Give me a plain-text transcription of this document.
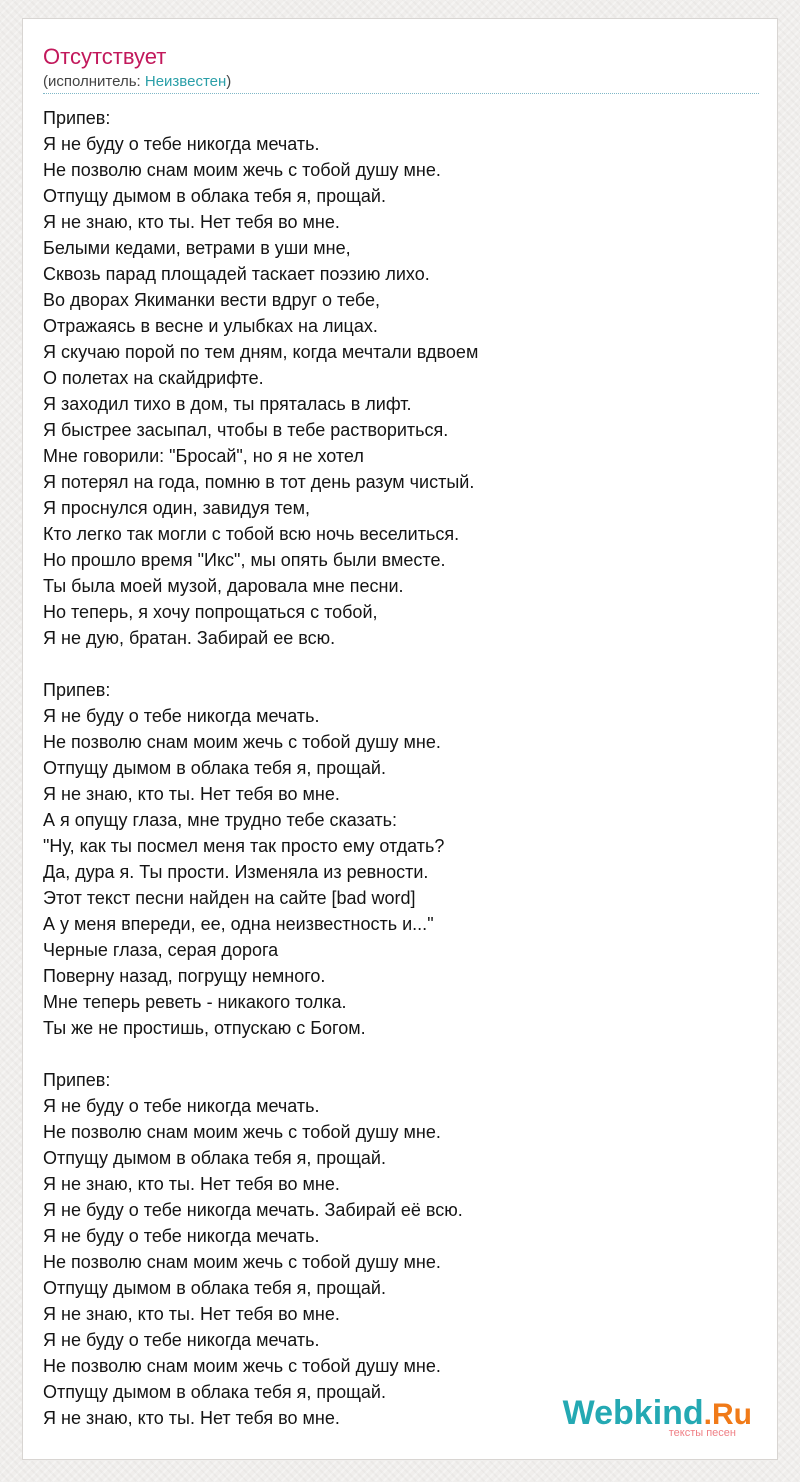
Отсутствует
(исполнитель: Неизвестен)
Припев:
Я не буду о тебе никогда мечать.
Не позволю снам моим жечь с тобой душу мне.
Отпущу дымом в облака тебя я, прощай.
Я не знаю, кто ты. Нет тебя во мне.
Белыми кедами, ветрами в уши мне,
Сквозь парад площадей таскает поэзию лихо.
Во дворах Якиманки вести вдруг о тебе,
Отражаясь в весне и улыбках на лицах.
Я скучаю порой по тем дням, когда мечтали вдвоем
О полетах на скайдрифте.
Я заходил тихо в дом, ты пряталась в лифт.
Я быстрее засыпал, чтобы в тебе раствориться.
Мне говорили: "Бросай", но я не хотел
Я потерял на года, помню в тот день разум чистый.
Я проснулся один, завидуя тем,
Кто легко так могли с тобой всю ночь веселиться.
Но прошло время "Икс", мы опять были вместе.
Ты была моей музой, даровала мне песни.
Но теперь, я хочу попрощаться с тобой,
Я не дую, братан. Забирай ее всю.
Припев:
Я не буду о тебе никогда мечать.
Не позволю снам моим жечь с тобой душу мне.
Отпущу дымом в облака тебя я, прощай.
Я не знаю, кто ты. Нет тебя во мне.
А я опущу глаза, мне трудно тебе сказать:
"Ну, как ты посмел меня так просто ему отдать?
Да, дура я. Ты прости. Изменяла из ревности.
Этот текст песни найден на сайте [bad word]
А у меня впереди, ее, одна неизвестность и..."
Черные глаза, серая дорога
Поверну назад, погрущу немного.
Мне теперь реветь - никакого толка.
Ты же не простишь, отпускаю с Богом.
Припев:
Я не буду о тебе никогда мечать.
Не позволю снам моим жечь с тобой душу мне.
Отпущу дымом в облака тебя я, прощай.
Я не знаю, кто ты. Нет тебя во мне.
Я не буду о тебе никогда мечать. Забирай её всю.
Я не буду о тебе никогда мечать.
Не позволю снам моим жечь с тобой душу мне.
Отпущу дымом в облака тебя я, прощай.
Я не знаю, кто ты. Нет тебя во мне.
Я не буду о тебе никогда мечать.
Не позволю снам моим жечь с тобой душу мне.
Отпущу дымом в облака тебя я, прощай.
Я не знаю, кто ты. Нет тебя во мне.	Webkind.Ru
тексты песен
